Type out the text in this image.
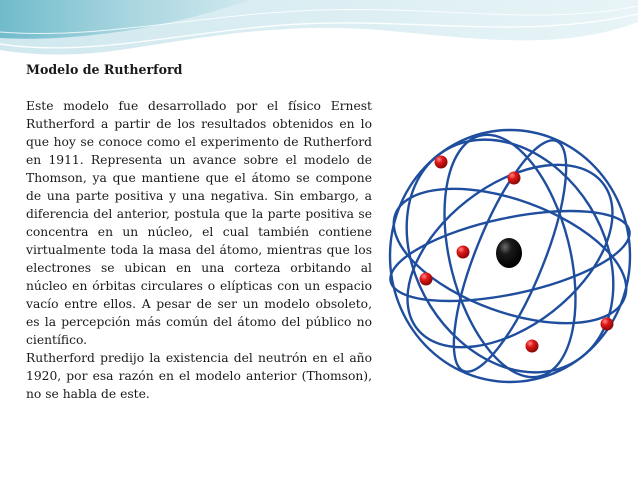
Modelo de Rutherford

Este modelo fue desarrollado por el físico Ernest Rutherford a partir de los resultados obtenidos en lo que hoy se conoce como el experimento de Rutherford en 1911. Representa un avance sobre el modelo de Thomson, ya que mantiene que el átomo se compone de una parte positiva y una negativa. Sin embargo, a diferencia del anterior, postula que la parte positiva se concentra en un núcleo, el cual también contiene virtualmente toda la masa del átomo, mientras que los electrones se ubican en una corteza orbitando al núcleo en órbitas circulares o elípticas con un espacio vacío entre ellos. A pesar de ser un modelo obsoleto, es la percepción más común del átomo del público no científico.

Rutherford predijo la existencia del neutrón en el año 1920, por esa razón en el modelo anterior (Thomson), no se habla de este.
